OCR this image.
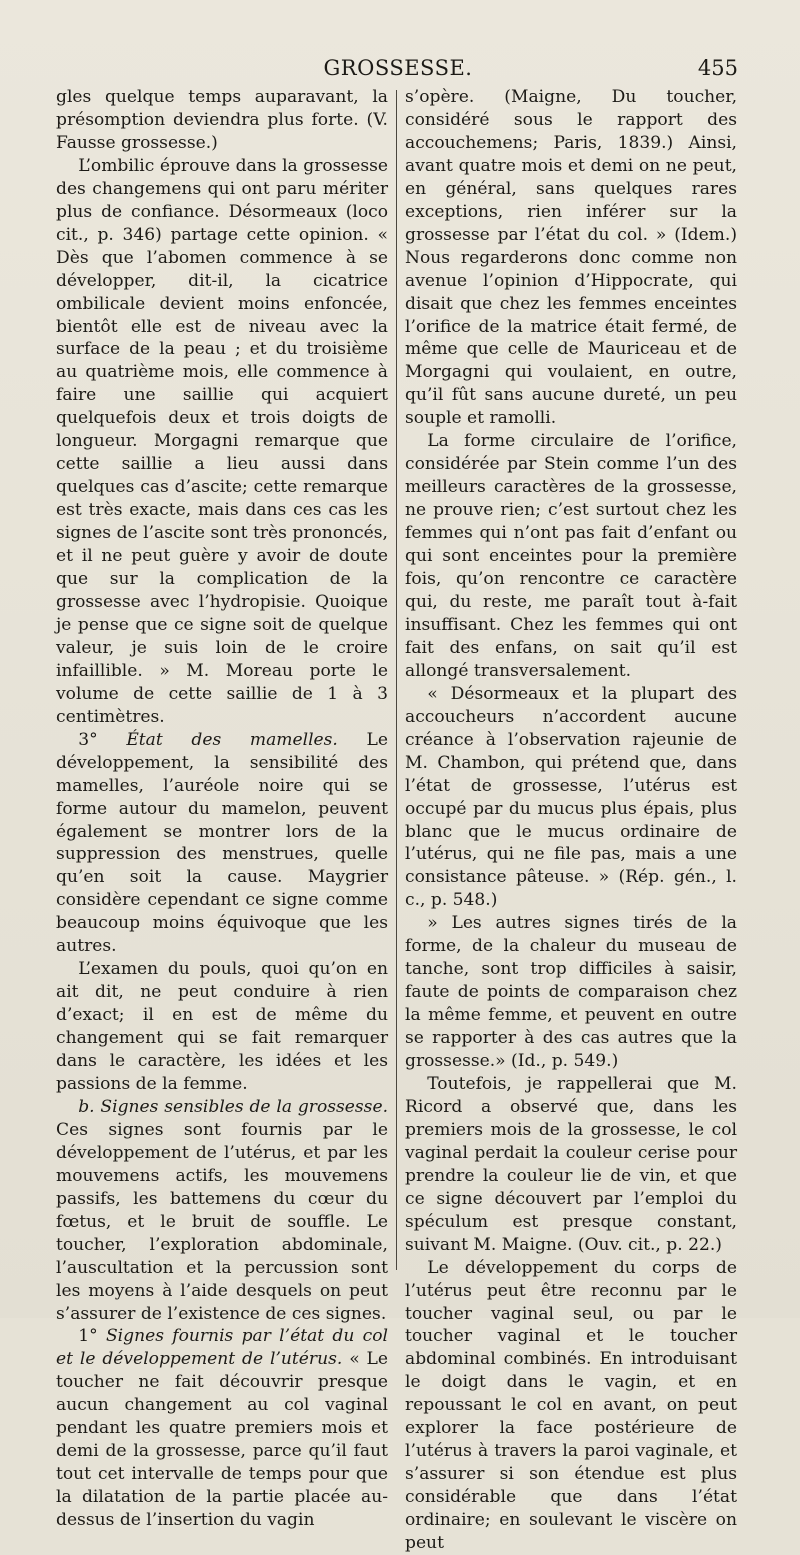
GROSSESSE.	455

gles quelque temps auparavant, la présomption deviendra plus forte. (V. Fausse grossesse.)

L’ombilic éprouve dans la grossesse des changemens qui ont paru mériter plus de confiance. Désormeaux (loco cit., p. 346) partage cette opinion. « Dès que l’abomen commence à se développer, dit-il, la cicatrice ombilicale devient moins enfoncée, bientôt elle est de niveau avec la surface de la peau ; et du troisième au quatrième mois, elle commence à faire une saillie qui acquiert quelquefois deux et trois doigts de longueur. Morgagni remarque que cette saillie a lieu aussi dans quelques cas d’ascite; cette remarque est très exacte, mais dans ces cas les signes de l’ascite sont très prononcés, et il ne peut guère y avoir de doute que sur la complication de la grossesse avec l’hydropisie. Quoique je pense que ce signe soit de quelque valeur, je suis loin de le croire infaillible. » M. Moreau porte le volume de cette saillie de 1 à 3 centimètres.

3° État des mamelles. Le développement, la sensibilité des mamelles, l’auréole noire qui se forme autour du mamelon, peuvent également se montrer lors de la suppression des menstrues, quelle qu’en soit la cause. Maygrier considère cependant ce signe comme beaucoup moins équivoque que les autres.

L’examen du pouls, quoi qu’on en ait dit, ne peut conduire à rien d’exact; il en est de même du changement qui se fait remarquer dans le caractère, les idées et les passions de la femme.

b. Signes sensibles de la grossesse. Ces signes sont fournis par le développement de l’utérus, et par les mouvemens actifs, les mouvemens passifs, les battemens du cœur du fœtus, et le bruit de souffle. Le toucher, l’exploration abdominale, l’auscultation et la percussion sont les moyens à l’aide desquels on peut s’assurer de l’existence de ces signes.

1° Signes fournis par l’état du col et le développement de l’utérus. « Le toucher ne fait découvrir presque aucun changement au col vaginal pendant les quatre premiers mois et demi de la grossesse, parce qu’il faut tout cet intervalle de temps pour que la dilatation de la partie placée au-dessus de l’insertion du vagin

s’opère. (Maigne, Du toucher, considéré sous le rapport des accouchemens; Paris, 1839.) Ainsi, avant quatre mois et demi on ne peut, en général, sans quelques rares exceptions, rien inférer sur la grossesse par l’état du col. » (Idem.) Nous regarderons donc comme non avenue l’opinion d’Hippocrate, qui disait que chez les femmes enceintes l’orifice de la matrice était fermé, de même que celle de Mauriceau et de Morgagni qui voulaient, en outre, qu’il fût sans aucune dureté, un peu souple et ramolli.

La forme circulaire de l’orifice, considérée par Stein comme l’un des meilleurs caractères de la grossesse, ne prouve rien; c’est surtout chez les femmes qui n’ont pas fait d’enfant ou qui sont enceintes pour la première fois, qu’on rencontre ce caractère qui, du reste, me paraît tout à-fait insuffisant. Chez les femmes qui ont fait des enfans, on sait qu’il est allongé transversalement.

« Désormeaux et la plupart des accoucheurs n’accordent aucune créance à l’observation rajeunie de M. Chambon, qui prétend que, dans l’état de grossesse, l’utérus est occupé par du mucus plus épais, plus blanc que le mucus ordinaire de l’utérus, qui ne file pas, mais a une consistance pâteuse. » (Rép. gén., l. c., p. 548.)

» Les autres signes tirés de la forme, de la chaleur du museau de tanche, sont trop difficiles à saisir, faute de points de comparaison chez la même femme, et peuvent en outre se rapporter à des cas autres que la grossesse.» (Id., p. 549.)

Toutefois, je rappellerai que M. Ricord a observé que, dans les premiers mois de la grossesse, le col vaginal perdait la couleur cerise pour prendre la couleur lie de vin, et que ce signe découvert par l’emploi du spéculum est presque constant, suivant M. Maigne. (Ouv. cit., p. 22.)

Le développement du corps de l’utérus peut être reconnu par le toucher vaginal seul, ou par le toucher vaginal et le toucher abdominal combinés. En introduisant le doigt dans le vagin, et en repoussant le col en avant, on peut explorer la face postérieure de l’utérus à travers la paroi vaginale, et s’assurer si son étendue est plus considérable que dans l’état ordinaire; en soulevant le viscère on peut
